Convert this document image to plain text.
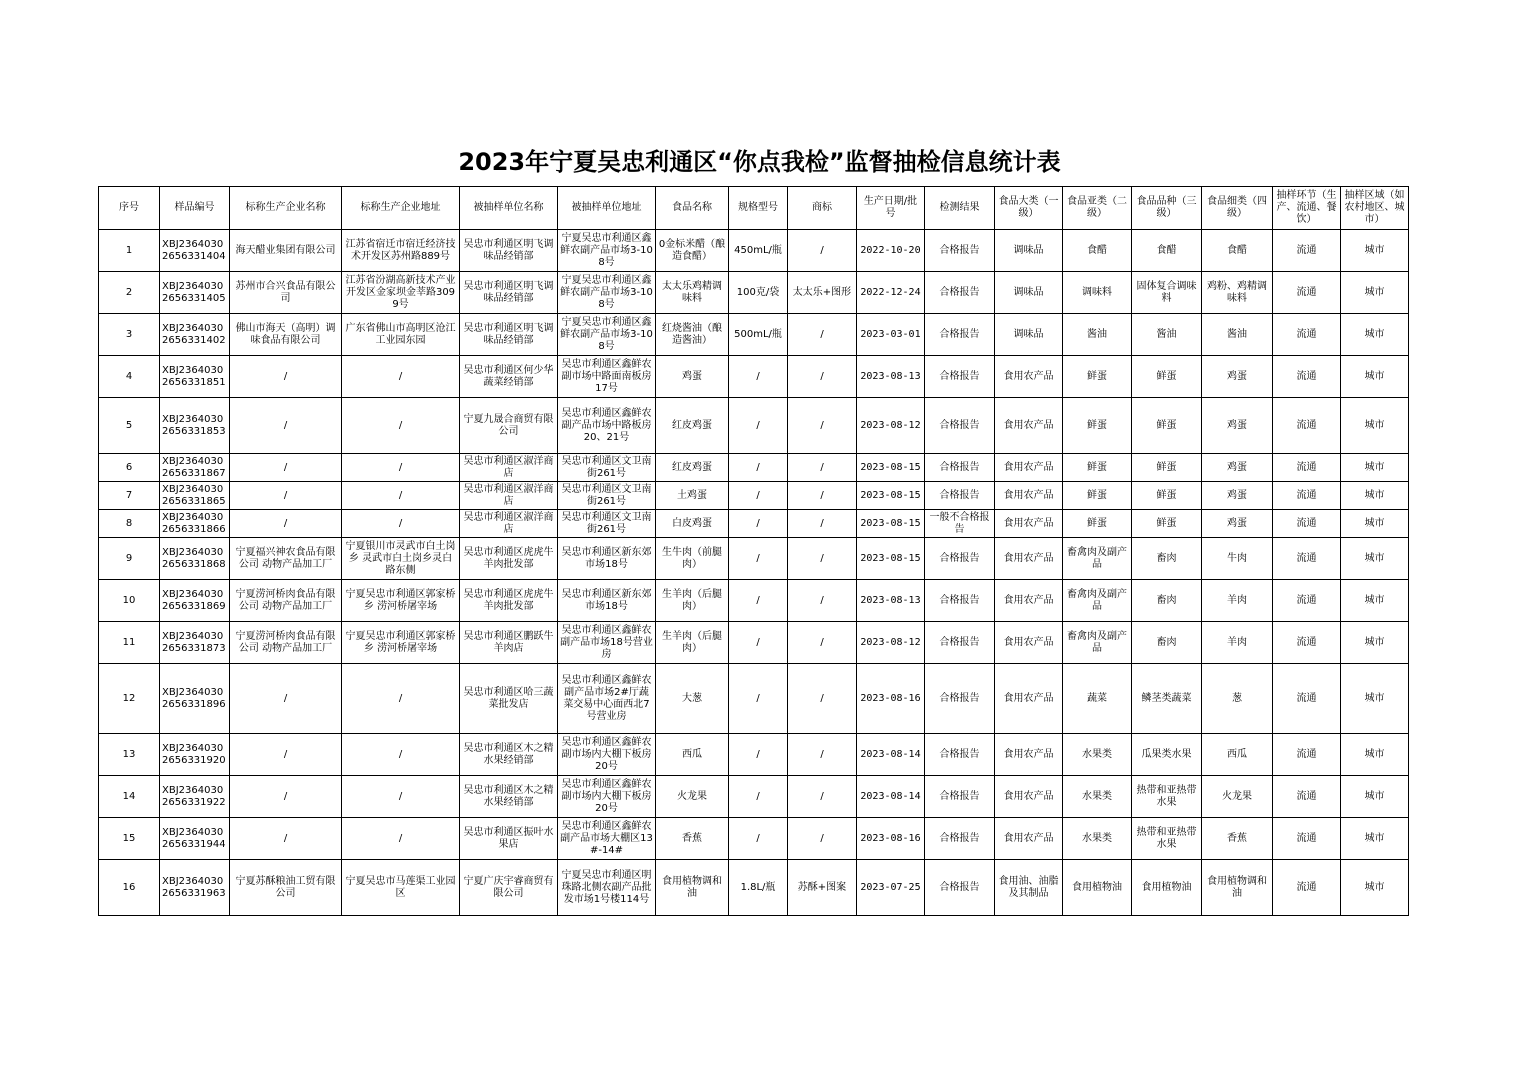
2023年宁夏吴忠利通区“你点我检”监督抽检信息统计表
序号	样品编号	标称生产企业名称	标称生产企业地址	被抽样单位名称	被抽样单位地址	食品名称	规格型号	商标	生产日期/批号	检测结果	食品大类（一级）	食品亚类（二级）	食品品种（三级）	食品细类（四级）	抽样环节（生产、流通、餐饮）	抽样区域（如农村地区、城市）
1	XBJ23640302656331404	海天醋业集团有限公司	江苏省宿迁市宿迁经济技术开发区苏州路889号	吴忠市利通区明飞调味品经销部	宁夏吴忠市利通区鑫鲜农副产品市场3-108号	0金标米醋（酿造食醋）	450mL/瓶	/	2022-10-20	合格报告	调味品	食醋	食醋	食醋	流通	城市
2	XBJ23640302656331405	苏州市合兴食品有限公司	江苏省汾湖高新技术产业开发区金家坝金莘路3099号	吴忠市利通区明飞调味品经销部	宁夏吴忠市利通区鑫鲜农副产品市场3-108号	太太乐鸡精调味料	100克/袋	太太乐+图形	2022-12-24	合格报告	调味品	调味料	固体复合调味料	鸡粉、鸡精调味料	流通	城市
3	XBJ23640302656331402	佛山市海天（高明）调味食品有限公司	广东省佛山市高明区沧江工业园东园	吴忠市利通区明飞调味品经销部	宁夏吴忠市利通区鑫鲜农副产品市场3-108号	红烧酱油（酿造酱油）	500mL/瓶	/	2023-03-01	合格报告	调味品	酱油	酱油	酱油	流通	城市
4	XBJ23640302656331851	/	/	吴忠市利通区何少华蔬菜经销部	吴忠市利通区鑫鲜农副市场中路面南板房17号	鸡蛋	/	/	2023-08-13	合格报告	食用农产品	鲜蛋	鲜蛋	鸡蛋	流通	城市
5	XBJ23640302656331853	/	/	宁夏九晟合商贸有限公司	吴忠市利通区鑫鲜农副产品市场中路板房20、21号	红皮鸡蛋	/	/	2023-08-12	合格报告	食用农产品	鲜蛋	鲜蛋	鸡蛋	流通	城市
6	XBJ23640302656331867	/	/	吴忠市利通区淑洋商店	吴忠市利通区文卫南街261号	红皮鸡蛋	/	/	2023-08-15	合格报告	食用农产品	鲜蛋	鲜蛋	鸡蛋	流通	城市
7	XBJ23640302656331865	/	/	吴忠市利通区淑洋商店	吴忠市利通区文卫南街261号	土鸡蛋	/	/	2023-08-15	合格报告	食用农产品	鲜蛋	鲜蛋	鸡蛋	流通	城市
8	XBJ23640302656331866	/	/	吴忠市利通区淑洋商店	吴忠市利通区文卫南街261号	白皮鸡蛋	/	/	2023-08-15	一般不合格报告	食用农产品	鲜蛋	鲜蛋	鸡蛋	流通	城市
9	XBJ23640302656331868	宁夏福兴神农食品有限公司 动物产品加工厂	宁夏银川市灵武市白土岗乡 灵武市白土岗乡灵白路东侧	吴忠市利通区虎虎牛羊肉批发部	吴忠市利通区新东郊市场18号	生牛肉（前腿肉）	/	/	2023-08-15	合格报告	食用农产品	畜禽肉及副产品	畜肉	牛肉	流通	城市
10	XBJ23640302656331869	宁夏涝河桥肉食品有限公司 动物产品加工厂	宁夏吴忠市利通区郭家桥乡 涝河桥屠宰场	吴忠市利通区虎虎牛羊肉批发部	吴忠市利通区新东郊市场18号	生羊肉（后腿肉）	/	/	2023-08-13	合格报告	食用农产品	畜禽肉及副产品	畜肉	羊肉	流通	城市
11	XBJ23640302656331873	宁夏涝河桥肉食品有限公司 动物产品加工厂	宁夏吴忠市利通区郭家桥乡 涝河桥屠宰场	吴忠市利通区鹏跃牛羊肉店	吴忠市利通区鑫鲜农副产品市场18号营业房	生羊肉（后腿肉）	/	/	2023-08-12	合格报告	食用农产品	畜禽肉及副产品	畜肉	羊肉	流通	城市
12	XBJ23640302656331896	/	/	吴忠市利通区哈三蔬菜批发店	吴忠市利通区鑫鲜农副产品市场2#厅蔬菜交易中心面西北7号营业房	大葱	/	/	2023-08-16	合格报告	食用农产品	蔬菜	鳞茎类蔬菜	葱	流通	城市
13	XBJ23640302656331920	/	/	吴忠市利通区木之精水果经销部	吴忠市利通区鑫鲜农副市场内大棚下板房20号	西瓜	/	/	2023-08-14	合格报告	食用农产品	水果类	瓜果类水果	西瓜	流通	城市
14	XBJ23640302656331922	/	/	吴忠市利通区木之精水果经销部	吴忠市利通区鑫鲜农副市场内大棚下板房20号	火龙果	/	/	2023-08-14	合格报告	食用农产品	水果类	热带和亚热带水果	火龙果	流通	城市
15	XBJ23640302656331944	/	/	吴忠市利通区振叶水果店	吴忠市利通区鑫鲜农副产品市场大棚区13#-14#	香蕉	/	/	2023-08-16	合格报告	食用农产品	水果类	热带和亚热带水果	香蕉	流通	城市
16	XBJ23640302656331963	宁夏苏酥粮油工贸有限公司	宁夏吴忠市马莲渠工业园区	宁夏广庆宇睿商贸有限公司	宁夏吴忠市利通区明珠路北侧农副产品批发市场1号楼114号	食用植物调和油	1.8L/瓶	苏酥+图案	2023-07-25	合格报告	食用油、油脂及其制品	食用植物油	食用植物油	食用植物调和油	流通	城市
